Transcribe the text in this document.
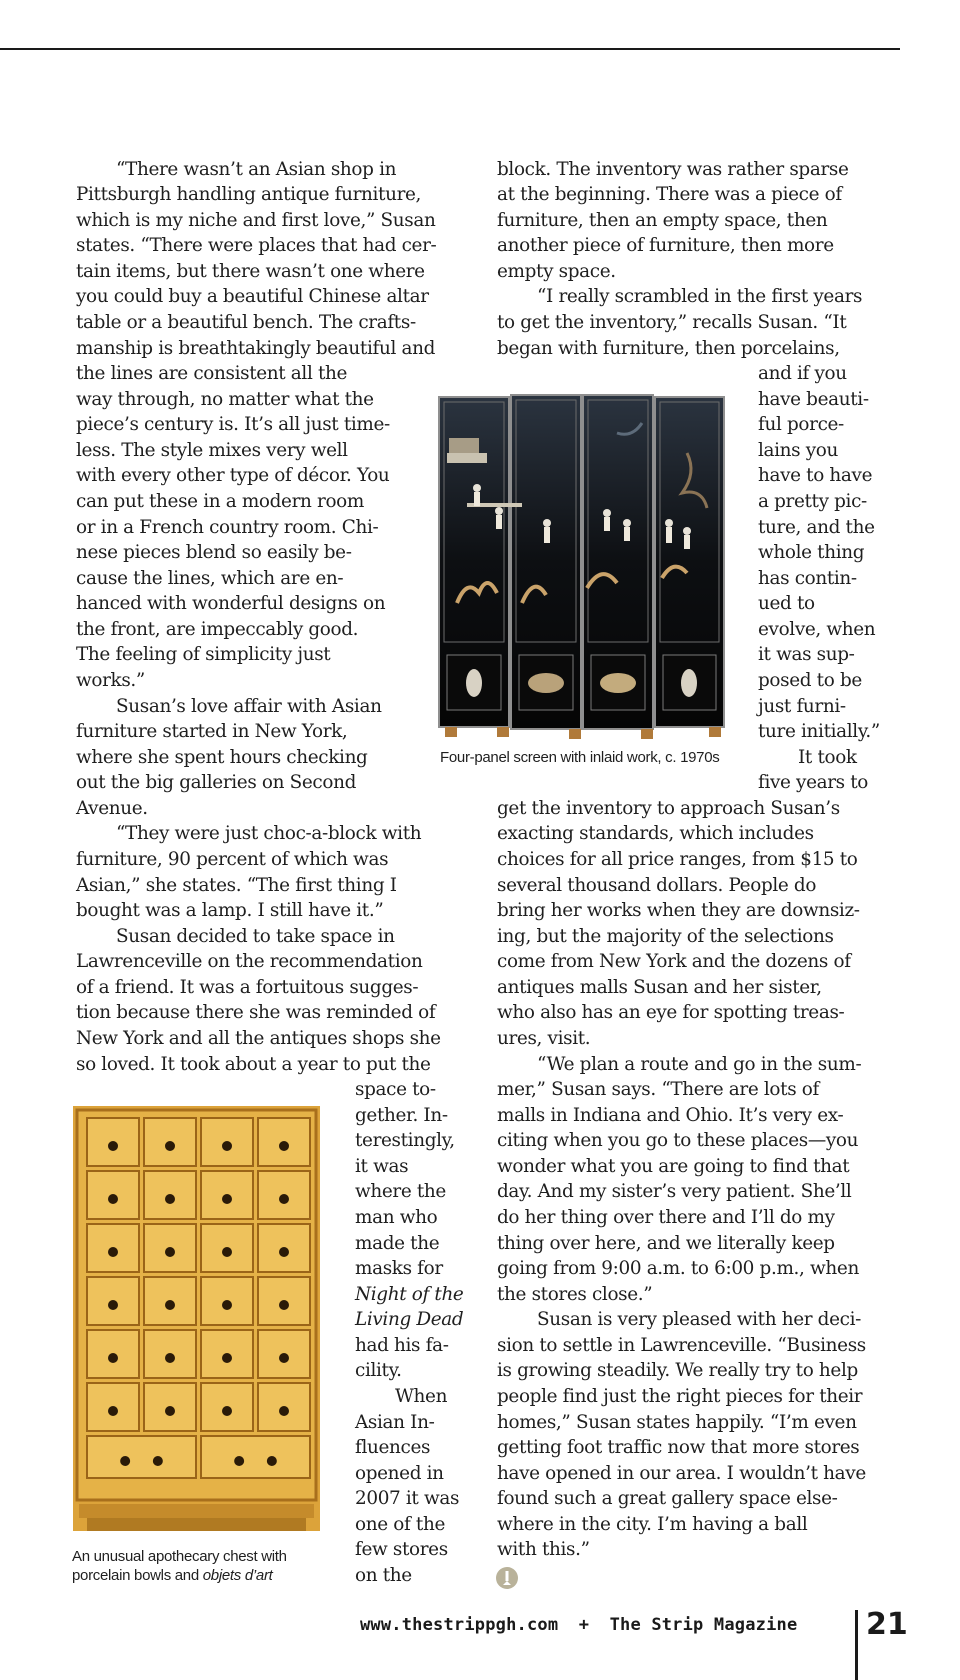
“There wasn’t an Asian shop in
Pittsburgh handling antique furniture,
which is my niche and first love,” Susan
states. “There were places that had cer-
tain items, but there wasn’t one where
you could buy a beautiful Chinese altar
table or a beautiful bench. The crafts-
manship is breathtakingly beautiful and
the lines are consistent all the
way through, no matter what the
piece’s century is. It’s all just time-
less. The style mixes very well
with every other type of décor. You
can put these in a modern room
or in a French country room. Chi-
nese pieces blend so easily be-
cause the lines, which are en-
hanced with wonderful designs on
the front, are impeccably good.
The feeling of simplicity just
works.”
Susan’s love affair with Asian
furniture started in New York,
where she spent hours checking
out the big galleries on Second
Avenue.
“They were just choc-a-block with
furniture, 90 percent of which was
Asian,” she states. “The first thing I
bought was a lamp. I still have it.”
Susan decided to take space in
Lawrenceville on the recommendation
of a friend. It was a fortuitous sugges-
tion because there she was reminded of
New York and all the antiques shops she
so loved. It took about a year to put the
space to-
gether. In-
terestingly,
it was
where the
man who
made the
masks for
Night of the
Living Dead
had his fa-
cility.
When
Asian In-
fluences
opened in
2007 it was
one of the
few stores
on the
block. The inventory was rather sparse
at the beginning. There was a piece of
furniture, then an empty space, then
another piece of furniture, then more
empty space.
“I really scrambled in the first years
to get the inventory,” recalls Susan. “It
began with furniture, then porcelains,
and if you
have beauti-
ful porce-
lains you
have to have
a pretty pic-
ture, and the
whole thing
has contin-
ued to
evolve, when
it was sup-
posed to be
just furni-
ture initially.”
It took
five years to
get the inventory to approach Susan’s
exacting standards, which includes
choices for all price ranges, from $15 to
several thousand dollars. People do
bring her works when they are downsiz-
ing, but the majority of the selections
come from New York and the dozens of
antiques malls Susan and her sister,
who also has an eye for spotting treas-
ures, visit.
“We plan a route and go in the sum-
mer,” Susan says. “There are lots of
malls in Indiana and Ohio. It’s very ex-
citing when you go to these places—you
wonder what you are going to find that
day. And my sister’s very patient. She’ll
do her thing over there and I’ll do my
thing over here, and we literally keep
going from 9:00 a.m. to 6:00 p.m., when
the stores close.”
Susan is very pleased with her deci-
sion to settle in Lawrenceville. “Business
is growing steadily. We really try to help
people find just the right pieces for their
homes,” Susan states happily. “I’m even
getting foot traffic now that more stores
have opened in our area. I wouldn’t have
found such a great gallery space else-
where in the city. I’m having a ball
with this.”
Four-panel screen with inlaid work, c. 1970s
An unusual apothecary chest with
porcelain bowls and objets d’art
www.thestrippgh.com + The Strip Magazine 21
